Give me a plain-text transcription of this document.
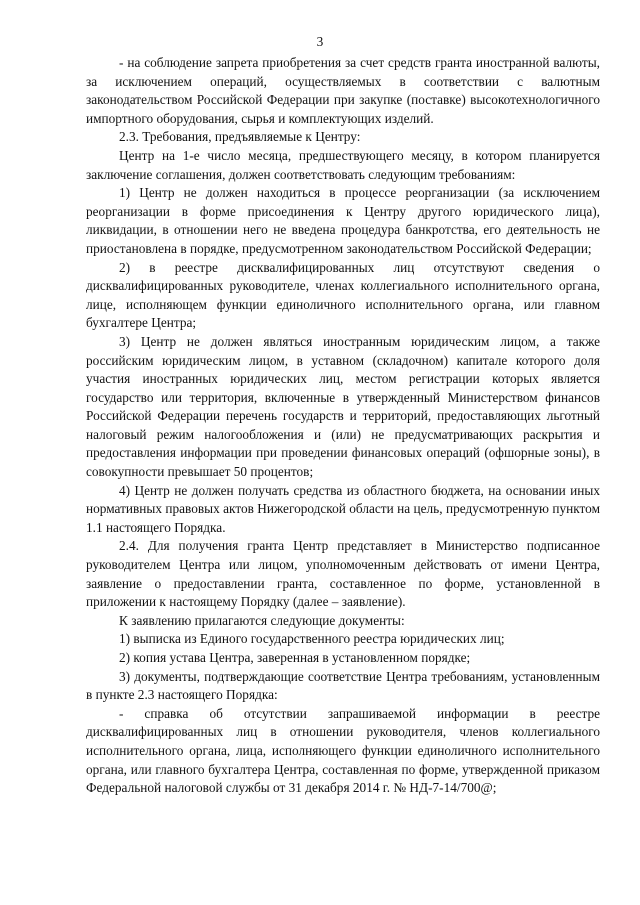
3

- на соблюдение запрета приобретения за счет средств гранта иностранной валюты, за исключением операций, осуществляемых в соответствии с валютным законодательством Российской Федерации при закупке (поставке) высокотехнологичного импортного оборудования, сырья и комплектующих изделий.

2.3. Требования, предъявляемые к Центру:

Центр на 1-е число месяца, предшествующего месяцу, в котором планируется заключение соглашения, должен соответствовать следующим требованиям:

1) Центр не должен находиться в процессе реорганизации (за исключением реорганизации в форме присоединения к Центру другого юридического лица), ликвидации, в отношении него не введена процедура банкротства, его деятельность не приостановлена в порядке, предусмотренном законодательством Российской Федерации;

2) в реестре дисквалифицированных лиц отсутствуют сведения о дисквалифицированных руководителе, членах коллегиального исполнительного органа, лице, исполняющем функции единоличного исполнительного органа, или главном бухгалтере Центра;

3) Центр не должен являться иностранным юридическим лицом, а также российским юридическим лицом, в уставном (складочном) капитале которого доля участия иностранных юридических лиц, местом регистрации которых является государство или территория, включенные в утвержденный Министерством финансов Российской Федерации перечень государств и территорий, предоставляющих льготный налоговый режим налогообложения и (или) не предусматривающих раскрытия и предоставления информации при проведении финансовых операций (офшорные зоны), в совокупности превышает 50 процентов;

4) Центр не должен получать средства из областного бюджета, на основании иных нормативных правовых актов Нижегородской области на цель, предусмотренную пунктом 1.1 настоящего Порядка.

2.4. Для получения гранта Центр представляет в Министерство подписанное руководителем Центра или лицом, уполномоченным действовать от имени Центра, заявление о предоставлении гранта, составленное по форме, установленной в приложении к настоящему Порядку (далее – заявление).

К заявлению прилагаются следующие документы:

1) выписка из Единого государственного реестра юридических лиц;

2) копия устава Центра, заверенная в установленном порядке;

3) документы, подтверждающие соответствие Центра требованиям, установленным в пункте 2.3 настоящего Порядка:

- справка об отсутствии запрашиваемой информации в реестре дисквалифицированных лиц в отношении руководителя, членов коллегиального исполнительного органа, лица, исполняющего функции единоличного исполнительного органа, или главного бухгалтера Центра, составленная по форме, утвержденной приказом Федеральной налоговой службы от 31 декабря 2014 г. № НД-7-14/700@;
